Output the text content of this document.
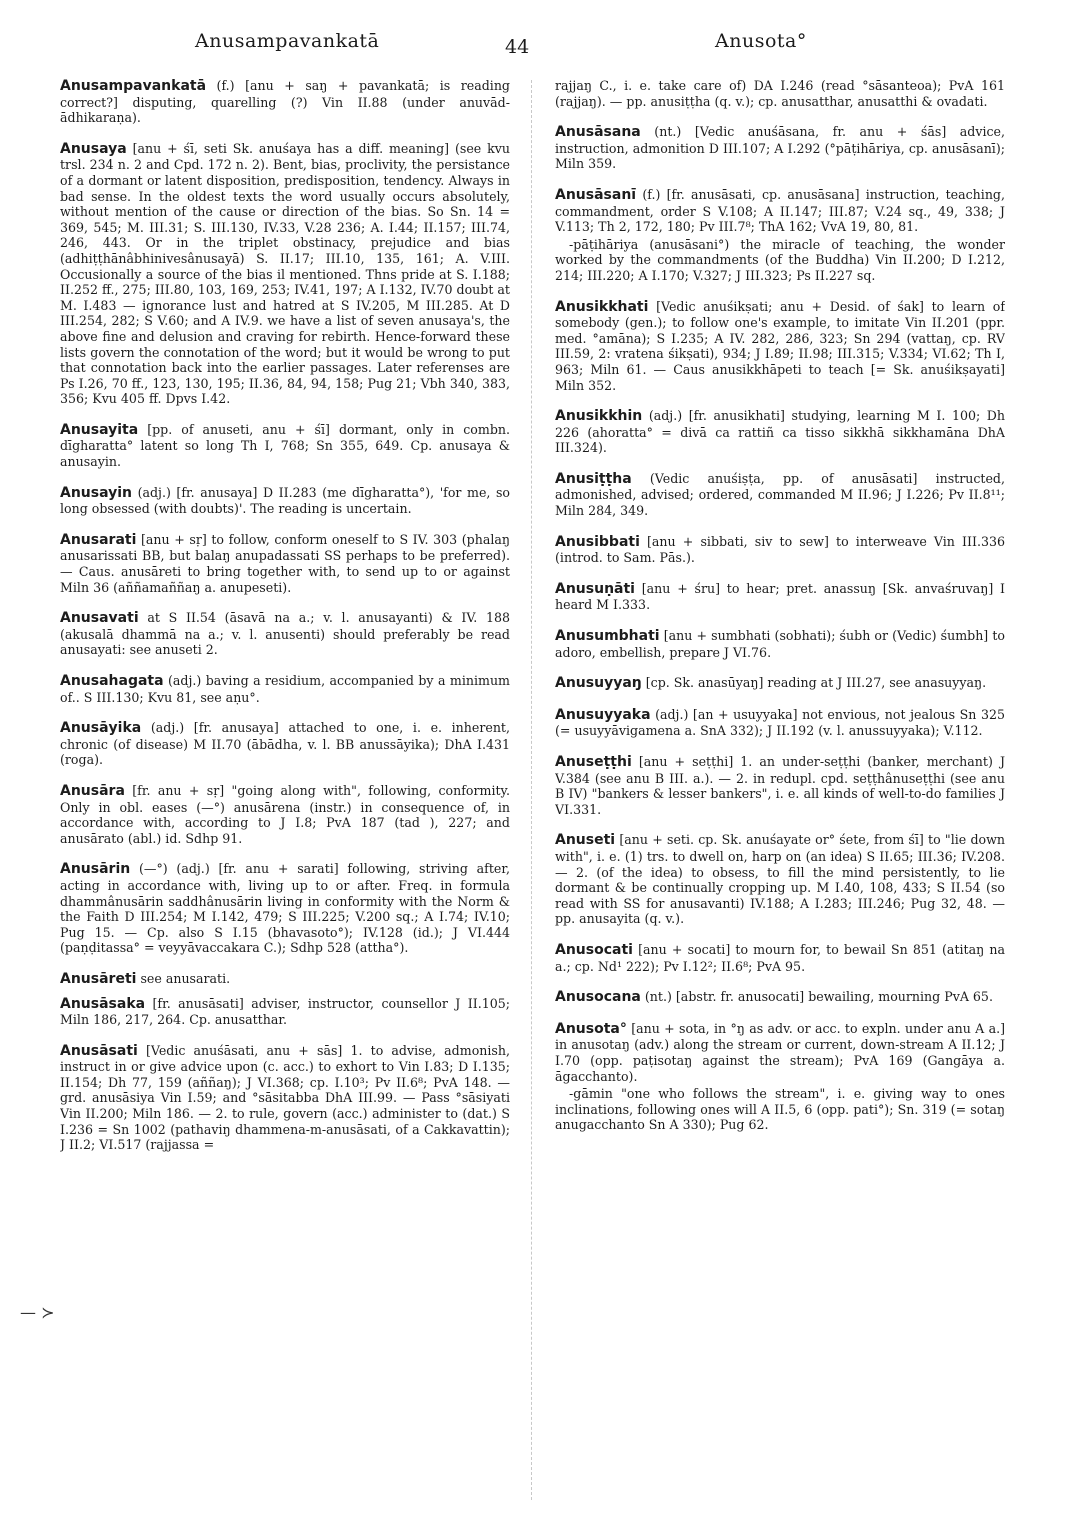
Anusampavankatā	44	Anusota°
— ≻
Anusampavankatā (f.) [anu + saŋ + pavankatā; is reading correct?] disputing, quarelling (?) Vin II.88 (under anuvād-ādhikaraṇa).
Anusaya [anu + śī, seti Sk. anuśaya has a diff. meaning] (see kvu trsl. 234 n. 2 and Cpd. 172 n. 2). Bent, bias, proclivity, the persistance of a dormant or latent disposition, predisposition, tendency. Always in bad sense. In the oldest texts the word usually occurs absolutely, without mention of the cause or direction of the bias. So Sn. 14 = 369, 545; M. III.31; S. III.130, IV.33, V.28 236; A. I.44; II.157; III.74, 246, 443. Or in the triplet obstinacy, prejudice and bias (adhiṭṭhānâbhinivesânusayā) S. II.17; III.10, 135, 161; A. V.III. Occusionally a source of the bias il mentioned. Thns pride at S. I.188; II.252 ff., 275; III.80, 103, 169, 253; IV.41, 197; A I.132, IV.70 doubt at M. I.483 — ignorance lust and hatred at S IV.205, M III.285. At D III.254, 282; S V.60; and A IV.9. we have a list of seven anusaya's, the above fine and delusion and craving for rebirth. Hence-forward these lists govern the connotation of the word; but it would be wrong to put that connotation back into the earlier passages. Later referenses are Ps I.26, 70 ff., 123, 130, 195; II.36, 84, 94, 158; Pug 21; Vbh 340, 383, 356; Kvu 405 ff. Dpvs I.42.
Anusayita [pp. of anuseti, anu + śī] dormant, only in combn. dīgharatta° latent so long Th I, 768; Sn 355, 649. Cp. anusaya & anusayin.
Anusayin (adj.) [fr. anusaya] D II.283 (me dīgharatta°), 'for me, so long obsessed (with doubts)'. The reading is uncertain.
Anusarati [anu + sṛ] to follow, conform oneself to S IV. 303 (phalaŋ anusarissati BB, but balaŋ anupadassati SS perhaps to be preferred). — Caus. anusāreti to bring together with, to send up to or against Miln 36 (aññamaññaŋ a. anupeseti).
Anusavati at S II.54 (āsavā na a.; v. l. anusayanti) & IV. 188 (akusalā dhammā na a.; v. l. anusenti) should preferably be read anusayati: see anuseti 2.
Anusahagata (adj.) baving a residium, accompanied by a minimum of.. S III.130; Kvu 81, see aṇu°.
Anusāyika (adj.) [fr. anusaya] attached to one, i. e. inherent, chronic (of disease) M II.70 (ābādha, v. l. BB anussāyika); DhA I.431 (roga).
Anusāra [fr. anu + sṛ] "going along with", following, conformity. Only in obl. eases (—°) anusārena (instr.) in consequence of, in accordance with, according to J I.8; PvA 187 (tad ), 227; and anusārato (abl.) id. Sdhp 91.
Anusārin (—°) (adj.) [fr. anu + sarati] following, striving after, acting in accordance with, living up to or after. Freq. in formula dhammânusārin saddhânusārin living in conformity with the Norm & the Faith D III.254; M I.142, 479; S III.225; V.200 sq.; A I.74; IV.10; Pug 15. — Cp. also S I.15 (bhavasoto°); IV.128 (id.); J VI.444 (paṇḍitassa° = veyyāvaccakara C.); Sdhp 528 (attha°).
Anusāreti see anusarati.
Anusāsaka [fr. anusāsati] adviser, instructor, counsellor J II.105; Miln 186, 217, 264. Cp. anusatthar.
Anusāsati [Vedic anuśāsati, anu + sās] 1. to advise, admonish, instruct in or give advice upon (c. acc.) to exhort to Vin I.83; D I.135; II.154; Dh 77, 159 (aññaŋ); J VI.368; cp. I.10³; Pv II.6⁸; PvA 148. — grd. anusāsiya Vin I.59; and °sāsitabba DhA III.99. — Pass °sāsiyati Vin II.200; Miln 186. — 2. to rule, govern (acc.) administer to (dat.) S I.236 = Sn 1002 (pathaviŋ dhammena-m-anusāsati, of a Cakkavattin); J II.2; VI.517 (rajjassa =
rajjaŋ C., i. e. take care of) DA I.246 (read °sāsanteoa); PvA 161 (rajjaŋ). — pp. anusiṭṭha (q. v.); cp. anusatthar, anusatthi & ovadati.
Anusāsana (nt.) [Vedic anuśāsana, fr. anu + śās] advice, instruction, admonition D III.107; A I.292 (°pāṭihāriya, cp. anusāsanī); Miln 359.
Anusāsanī (f.) [fr. anusāsati, cp. anusāsana] instruction, teaching, commandment, order S V.108; A II.147; III.87; V.24 sq., 49, 338; J V.113; Th 2, 172, 180; Pv III.7⁸; ThA 162; VvA 19, 80, 81.
-pāṭihāriya (anusāsani°) the miracle of teaching, the wonder worked by the commandments (of the Buddha) Vin II.200; D I.212, 214; III.220; A I.170; V.327; J III.323; Ps II.227 sq.
Anusikkhati [Vedic anuśikṣati; anu + Desid. of śak] to learn of somebody (gen.); to follow one's example, to imitate Vin II.201 (ppr. med. °amāna); S I.235; A IV. 282, 286, 323; Sn 294 (vattaŋ, cp. RV III.59, 2: vratena śikṣati), 934; J I.89; II.98; III.315; V.334; VI.62; Th I, 963; Miln 61. — Caus anusikkhāpeti to teach [= Sk. anuśikṣayati] Miln 352.
Anusikkhin (adj.) [fr. anusikhati] studying, learning M I. 100; Dh 226 (ahoratta° = divā ca rattiñ ca tisso sikkhā sikkhamāna DhA III.324).
Anusiṭṭha (Vedic anuśiṣṭa, pp. of anusāsati] instructed, admonished, advised; ordered, commanded M II.96; J I.226; Pv II.8¹¹; Miln 284, 349.
Anusibbati [anu + sibbati, siv to sew] to interweave Vin III.336 (introd. to Sam. Pās.).
Anusuṇāti [anu + śru] to hear; pret. anassuŋ [Sk. anvaśruvaŋ] I heard M I.333.
Anusumbhati [anu + sumbhati (sobhati); śubh or (Vedic) śumbh] to adoro, embellish, prepare J VI.76.
Anusuyyaŋ [cp. Sk. anasūyaŋ] reading at J III.27, see anasuyyaŋ.
Anusuyyaka (adj.) [an + usuyyaka] not envious, not jealous Sn 325 (= usuyyāvigamena a. SnA 332); J II.192 (v. l. anussuyyaka); V.112.
Anuseṭṭhi [anu + seṭṭhi] 1. an under-seṭṭhi (banker, merchant) J V.384 (see anu B III. a.). — 2. in redupl. cpd. seṭṭhânuseṭṭhi (see anu B IV) "bankers & lesser bankers", i. e. all kinds of well-to-do families J VI.331.
Anuseti [anu + seti. cp. Sk. anuśayate or° śete, from śī] to "lie down with", i. e. (1) trs. to dwell on, harp on (an idea) S II.65; III.36; IV.208. — 2. (of the idea) to obsess, to fill the mind persistently, to lie dormant & be continually cropping up. M I.40, 108, 433; S II.54 (so read with SS for anusavanti) IV.188; A I.283; III.246; Pug 32, 48. — pp. anusayita (q. v.).
Anusocati [anu + socati] to mourn for, to bewail Sn 851 (atitaŋ na a.; cp. Nd¹ 222); Pv I.12²; II.6⁸; PvA 95.
Anusocana (nt.) [abstr. fr. anusocati] bewailing, mourning PvA 65.
Anusota° [anu + sota, in °ŋ as adv. or acc. to expln. under anu A a.] in anusotaŋ (adv.) along the stream or current, down-stream A II.12; J I.70 (opp. paṭisotaŋ against the stream); PvA 169 (Gangāya a. āgacchanto).
-gāmin "one who follows the stream", i. e. giving way to ones inclinations, following ones will A II.5, 6 (opp. pati°); Sn. 319 (= sotaŋ anugacchanto Sn A 330); Pug 62.
